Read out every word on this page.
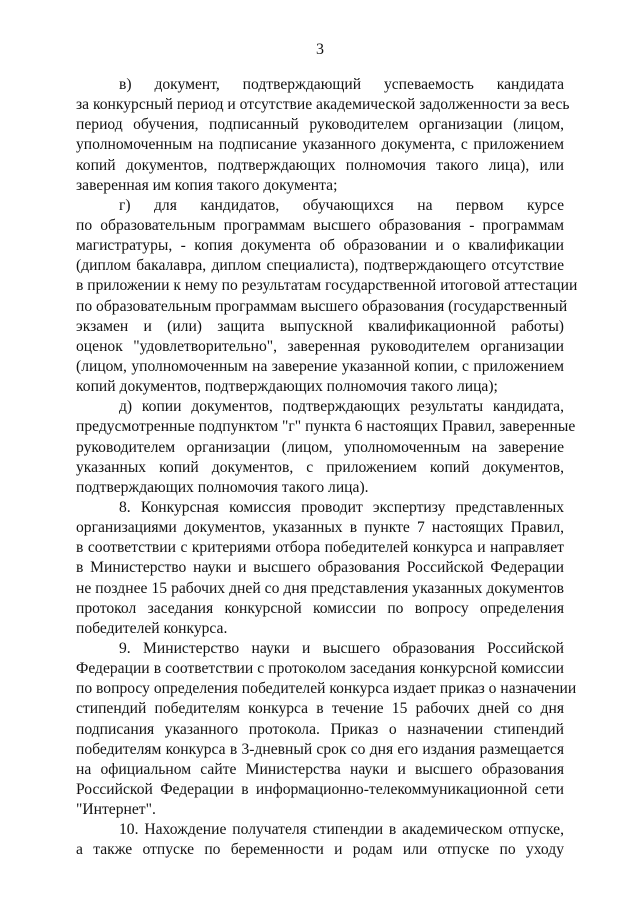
3
в) документ, подтверждающий успеваемость кандидата
за конкурсный период и отсутствие академической задолженности за весь
период обучения, подписанный руководителем организации (лицом,
уполномоченным на подписание указанного документа, с приложением
копий документов, подтверждающих полномочия такого лица), или
заверенная им копия такого документа;
г) для кандидатов, обучающихся на первом курсе
по образовательным программам высшего образования - программам
магистратуры, - копия документа об образовании и о квалификации
(диплом бакалавра, диплом специалиста), подтверждающего отсутствие
в приложении к нему по результатам государственной итоговой аттестации
по образовательным программам высшего образования (государственный
экзамен и (или) защита выпускной квалификационной работы)
оценок "удовлетворительно", заверенная руководителем организации
(лицом, уполномоченным на заверение указанной копии, с приложением
копий документов, подтверждающих полномочия такого лица);
д) копии документов, подтверждающих результаты кандидата,
предусмотренные подпунктом "г" пункта 6 настоящих Правил, заверенные
руководителем организации (лицом, уполномоченным на заверение
указанных копий документов, с приложением копий документов,
подтверждающих полномочия такого лица).
8. Конкурсная комиссия проводит экспертизу представленных
организациями документов, указанных в пункте 7 настоящих Правил,
в соответствии с критериями отбора победителей конкурса и направляет
в Министерство науки и высшего образования Российской Федерации
не позднее 15 рабочих дней со дня представления указанных документов
протокол заседания конкурсной комиссии по вопросу определения
победителей конкурса.
9. Министерство науки и высшего образования Российской
Федерации в соответствии с протоколом заседания конкурсной комиссии
по вопросу определения победителей конкурса издает приказ о назначении
стипендий победителям конкурса в течение 15 рабочих дней со дня
подписания указанного протокола. Приказ о назначении стипендий
победителям конкурса в 3-дневный срок со дня его издания размещается
на официальном сайте Министерства науки и высшего образования
Российской Федерации в информационно-телекоммуникационной сети
"Интернет".
10. Нахождение получателя стипендии в академическом отпуске,
а также отпуске по беременности и родам или отпуске по уходу
